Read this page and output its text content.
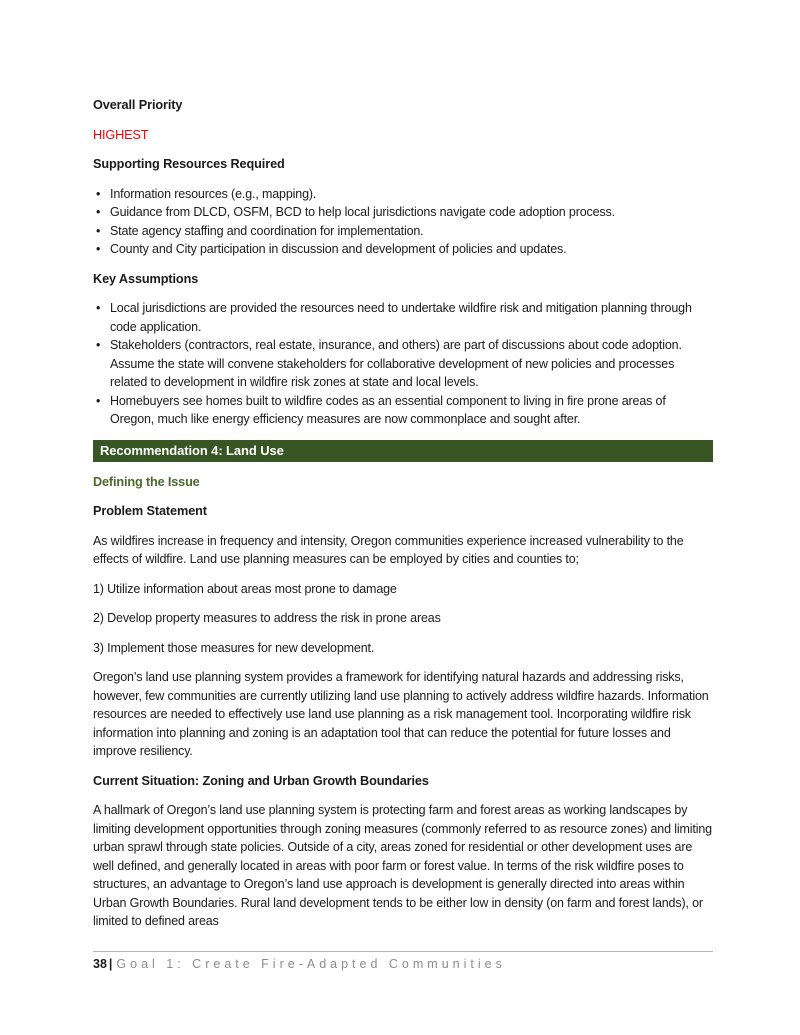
Overall Priority

HIGHEST

Supporting Resources Required
• Information resources (e.g., mapping).
• Guidance from DLCD, OSFM, BCD to help local jurisdictions navigate code adoption process.
• State agency staffing and coordination for implementation.
• County and City participation in discussion and development of policies and updates.
Key Assumptions
• Local jurisdictions are provided the resources need to undertake wildfire risk and mitigation planning through code application.
• Stakeholders (contractors, real estate, insurance, and others) are part of discussions about code adoption. Assume the state will convene stakeholders for collaborative development of new policies and processes related to development in wildfire risk zones at state and local levels.
• Homebuyers see homes built to wildfire codes as an essential component to living in fire prone areas of Oregon, much like energy efficiency measures are now commonplace and sought after.
Recommendation 4: Land Use
Defining the Issue
Problem Statement

As wildfires increase in frequency and intensity, Oregon communities experience increased vulnerability to the effects of wildfire. Land use planning measures can be employed by cities and counties to;

1) Utilize information about areas most prone to damage

2) Develop property measures to address the risk in prone areas

3) Implement those measures for new development.

Oregon’s land use planning system provides a framework for identifying natural hazards and addressing risks, however, few communities are currently utilizing land use planning to actively address wildfire hazards. Information resources are needed to effectively use land use planning as a risk management tool. Incorporating wildfire risk information into planning and zoning is an adaptation tool that can reduce the potential for future losses and improve resiliency.

Current Situation: Zoning and Urban Growth Boundaries

A hallmark of Oregon’s land use planning system is protecting farm and forest areas as working landscapes by limiting development opportunities through zoning measures (commonly referred to as resource zones) and limiting urban sprawl through state policies. Outside of a city, areas zoned for residential or other development uses are well defined, and generally located in areas with poor farm or forest value. In terms of the risk wildfire poses to structures, an advantage to Oregon’s land use approach is development is generally directed into areas within Urban Growth Boundaries. Rural land development tends to be either low in density (on farm and forest lands), or limited to defined areas

38 | Goal 1: Create Fire-Adapted Communities
